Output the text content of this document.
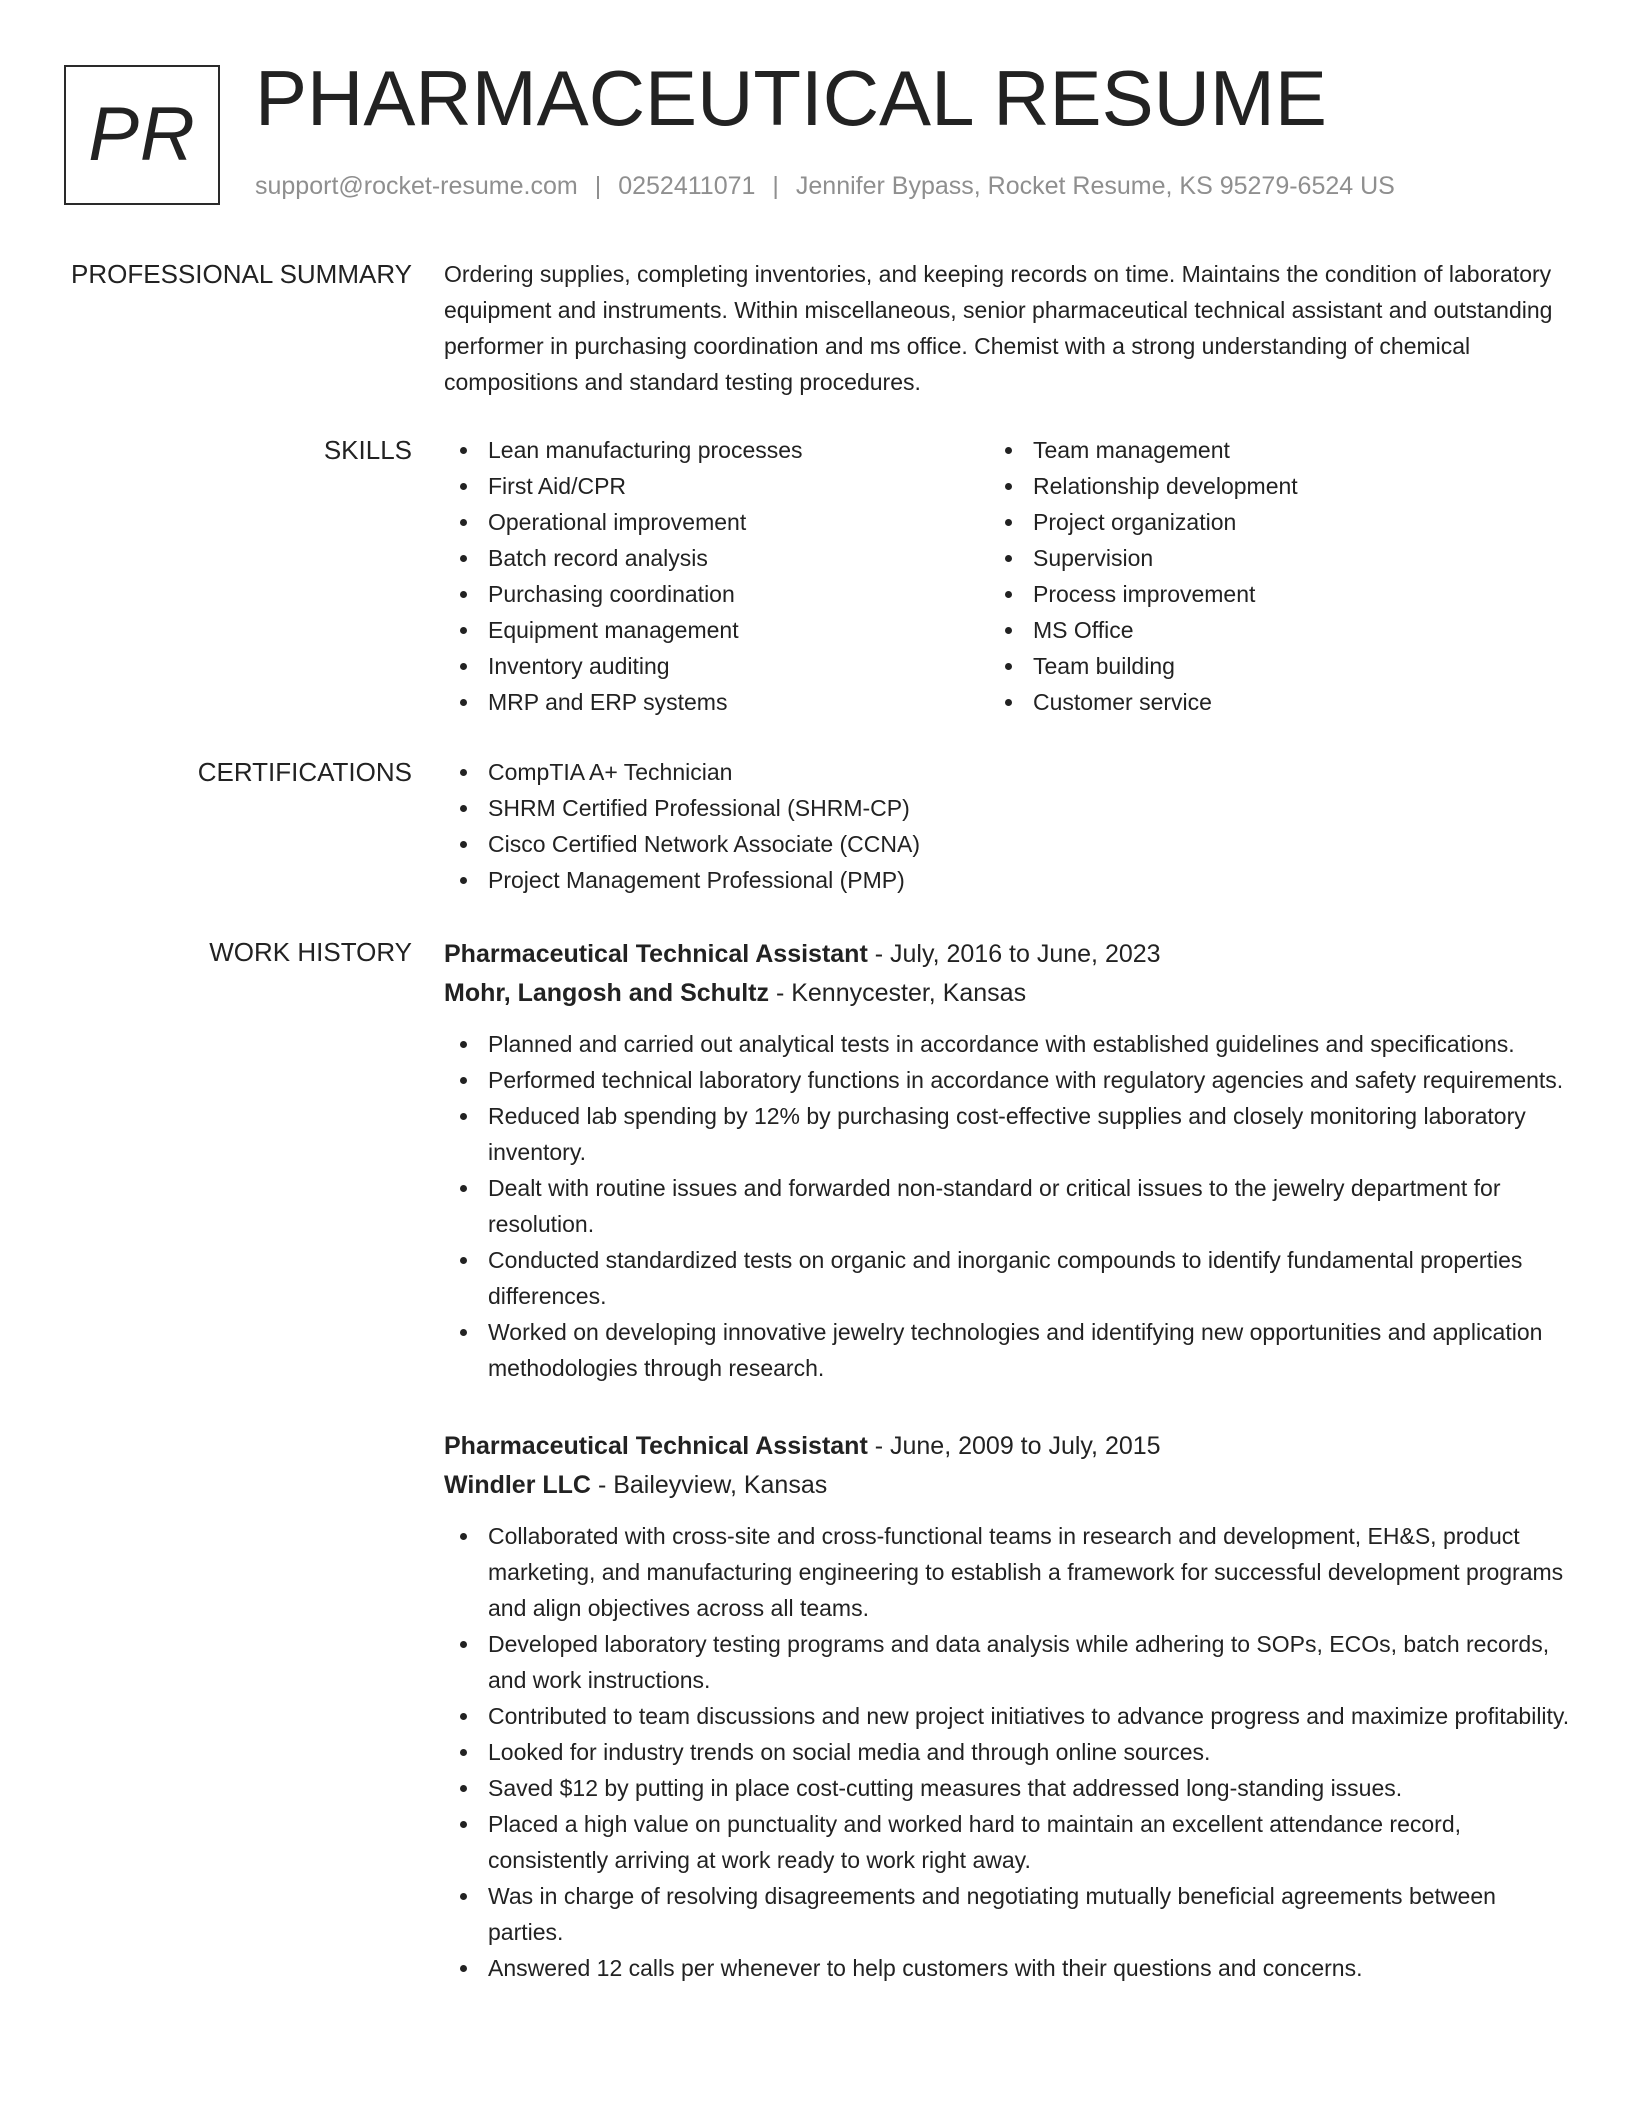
PR PHARMACEUTICAL RESUME
support@rocket-resume.com | 0252411071 | Jennifer Bypass, Rocket Resume, KS 95279-6524 US
PROFESSIONAL SUMMARY Ordering supplies, completing inventories, and keeping records on time. Maintains the condition of laboratory equipment and instruments. Within miscellaneous, senior pharmaceutical technical assistant and outstanding performer in purchasing coordination and ms office. Chemist with a strong understanding of chemical compositions and standard testing procedures.
SKILLS	Lean manufacturing processes
First Aid/CPR
Operational improvement
Batch record analysis
Purchasing coordination
Equipment management
Inventory auditing
MRP and ERP systems
Team management
Relationship development
Project organization
Supervision
Process improvement
MS Office
Team building
Customer service
CERTIFICATIONS	CompTIA A+ Technician
SHRM Certified Professional (SHRM-CP)
Cisco Certified Network Associate (CCNA)
Project Management Professional (PMP)
WORK HISTORY Pharmaceutical Technical Assistant - July, 2016 to June, 2023
Mohr, Langosh and Schultz - Kennycester, Kansas
Planned and carried out analytical tests in accordance with established guidelines and specifications.
Performed technical laboratory functions in accordance with regulatory agencies and safety requirements.
Reduced lab spending by 12% by purchasing cost-effective supplies and closely monitoring laboratory inventory.
Dealt with routine issues and forwarded non-standard or critical issues to the jewelry department for resolution.
Conducted standardized tests on organic and inorganic compounds to identify fundamental properties differences.
Worked on developing innovative jewelry technologies and identifying new opportunities and application methodologies through research.
Pharmaceutical Technical Assistant - June, 2009 to July, 2015
Windler LLC - Baileyview, Kansas
Collaborated with cross-site and cross-functional teams in research and development, EH&S, product marketing, and manufacturing engineering to establish a framework for successful development programs and align objectives across all teams.
Developed laboratory testing programs and data analysis while adhering to SOPs, ECOs, batch records, and work instructions.
Contributed to team discussions and new project initiatives to advance progress and maximize profitability.
Looked for industry trends on social media and through online sources.
Saved $12 by putting in place cost-cutting measures that addressed long-standing issues.
Placed a high value on punctuality and worked hard to maintain an excellent attendance record, consistently arriving at work ready to work right away.
Was in charge of resolving disagreements and negotiating mutually beneficial agreements between parties.
Answered 12 calls per whenever to help customers with their questions and concerns.
